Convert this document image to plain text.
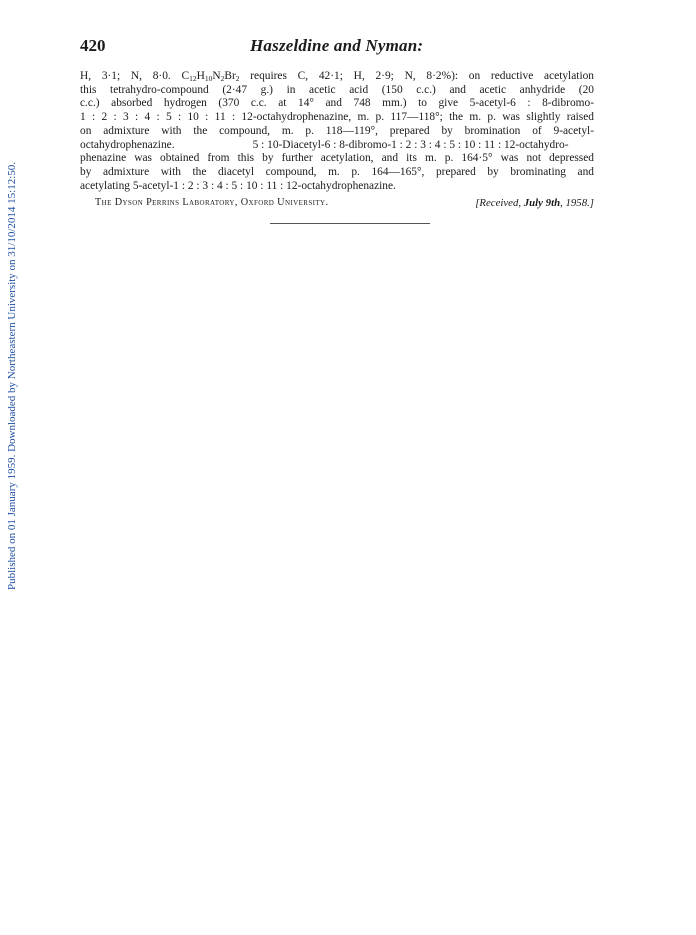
420	Haszeldine and Nyman:
H, 3·1; N, 8·0. $C_{12}H_{10}N_2Br_2$ requires C, 42·1; H, 2·9; N, 8·2%): on reductive acetylation
this tetrahydro-compound (2·47 g.) in acetic acid (150 c.c.) and acetic anhydride (20
c.c.) absorbed hydrogen (370 c.c. at 14° and 748 mm.) to give 5-acetyl-6 : 8-dibromo-
1 : 2 : 3 : 4 : 5 : 10 : 11 : 12-octahydrophenazine, m. p. 117—118°; the m. p. was slightly raised
on admixture with the compound, m. p. 118—119°, prepared by bromination of 9-acetyl-
octahydrophenazine.	5 : 10-Diacetyl-6 : 8-dibromo-1 : 2 : 3 : 4 : 5 : 10 : 11 : 12-octahydro-
phenazine was obtained from this by further acetylation, and its m. p. 164·5° was not depressed
by admixture with the diacetyl compound, m. p. 164—165°, prepared by brominating and
acetylating 5-acetyl-1 : 2 : 3 : 4 : 5 : 10 : 11 : 12-octahydrophenazine.
The Dyson Perrins Laboratory, Oxford University.	[Received, July 9th, 1958.]
Published on 01 January 1959. Downloaded by Northeastern University on 31/10/2014 15:12:50.
